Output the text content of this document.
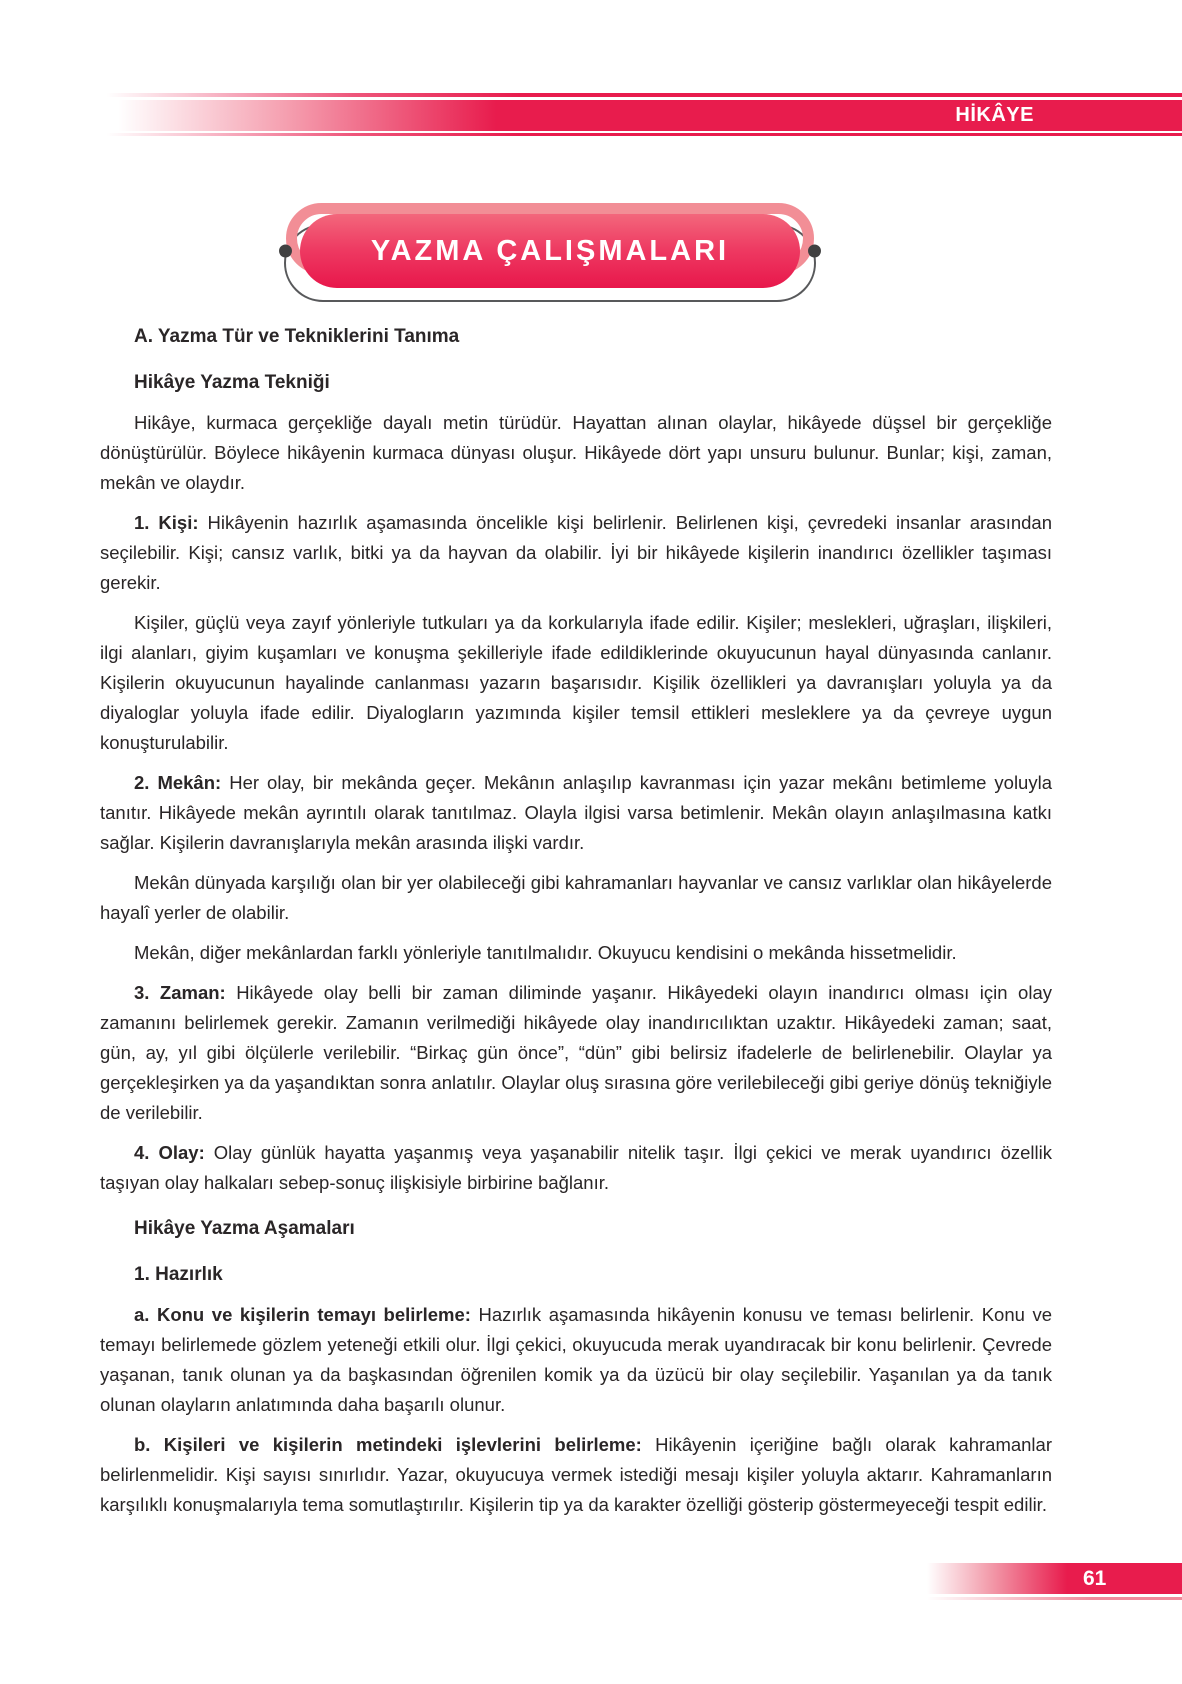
HİKÂYE
YAZMA ÇALIŞMALARI
A. Yazma Tür ve Tekniklerini Tanıma
Hikâye Yazma Tekniği

Hikâye, kurmaca gerçekliğe dayalı metin türüdür. Hayattan alınan olaylar, hikâyede düşsel bir gerçekliğe dönüştürülür. Böylece hikâyenin kurmaca dünyası oluşur. Hikâyede dört yapı unsuru bulunur. Bunlar; kişi, zaman, mekân ve olaydır.

1. Kişi: Hikâyenin hazırlık aşamasında öncelikle kişi belirlenir. Belirlenen kişi, çevredeki insanlar arasından seçilebilir. Kişi; cansız varlık, bitki ya da hayvan da olabilir. İyi bir hikâyede kişilerin inandırıcı özellikler taşıması gerekir.

Kişiler, güçlü veya zayıf yönleriyle tutkuları ya da korkularıyla ifade edilir. Kişiler; meslekleri, uğraşları, ilişkileri, ilgi alanları, giyim kuşamları ve konuşma şekilleriyle ifade edildiklerinde okuyucunun hayal dünyasında canlanır. Kişilerin okuyucunun hayalinde canlanması yazarın başarısıdır. Kişilik özellikleri ya davranışları yoluyla ya da diyaloglar yoluyla ifade edilir. Diyalogların yazımında kişiler temsil ettikleri mesleklere ya da çevreye uygun konuşturulabilir.

2. Mekân: Her olay, bir mekânda geçer. Mekânın anlaşılıp kavranması için yazar mekânı betimleme yoluyla tanıtır. Hikâyede mekân ayrıntılı olarak tanıtılmaz. Olayla ilgisi varsa betimlenir. Mekân olayın anlaşılmasına katkı sağlar. Kişilerin davranışlarıyla mekân arasında ilişki vardır.

Mekân dünyada karşılığı olan bir yer olabileceği gibi kahramanları hayvanlar ve cansız varlıklar olan hikâyelerde hayalî yerler de olabilir.

Mekân, diğer mekânlardan farklı yönleriyle tanıtılmalıdır. Okuyucu kendisini o mekânda hissetmelidir.

3. Zaman: Hikâyede olay belli bir zaman diliminde yaşanır. Hikâyedeki olayın inandırıcı olması için olay zamanını belirlemek gerekir. Zamanın verilmediği hikâyede olay inandırıcılıktan uzaktır. Hikâyedeki zaman; saat, gün, ay, yıl gibi ölçülerle verilebilir. “Birkaç gün önce”, “dün” gibi belirsiz ifadelerle de belirlenebilir. Olaylar ya gerçekleşirken ya da yaşandıktan sonra anlatılır. Olaylar oluş sırasına göre verilebileceği gibi geriye dönüş tekniğiyle de verilebilir.

4. Olay: Olay günlük hayatta yaşanmış veya yaşanabilir nitelik taşır. İlgi çekici ve merak uyandırıcı özellik taşıyan olay halkaları sebep-sonuç ilişkisiyle birbirine bağlanır.

Hikâye Yazma Aşamaları
1. Hazırlık

a. Konu ve kişilerin temayı belirleme: Hazırlık aşamasında hikâyenin konusu ve teması belirlenir. Konu ve temayı belirlemede gözlem yeteneği etkili olur. İlgi çekici, okuyucuda merak uyandıracak bir konu belirlenir. Çevrede yaşanan, tanık olunan ya da başkasından öğrenilen komik ya da üzücü bir olay seçilebilir. Yaşanılan ya da tanık olunan olayların anlatımında daha başarılı olunur.

b. Kişileri ve kişilerin metindeki işlevlerini belirleme: Hikâyenin içeriğine bağlı olarak kahramanlar belirlenmelidir. Kişi sayısı sınırlıdır. Yazar, okuyucuya vermek istediği mesajı kişiler yoluyla aktarır. Kahramanların karşılıklı konuşmalarıyla tema somutlaştırılır. Kişilerin tip ya da karakter özelliği gösterip göstermeyeceği tespit edilir.

61
